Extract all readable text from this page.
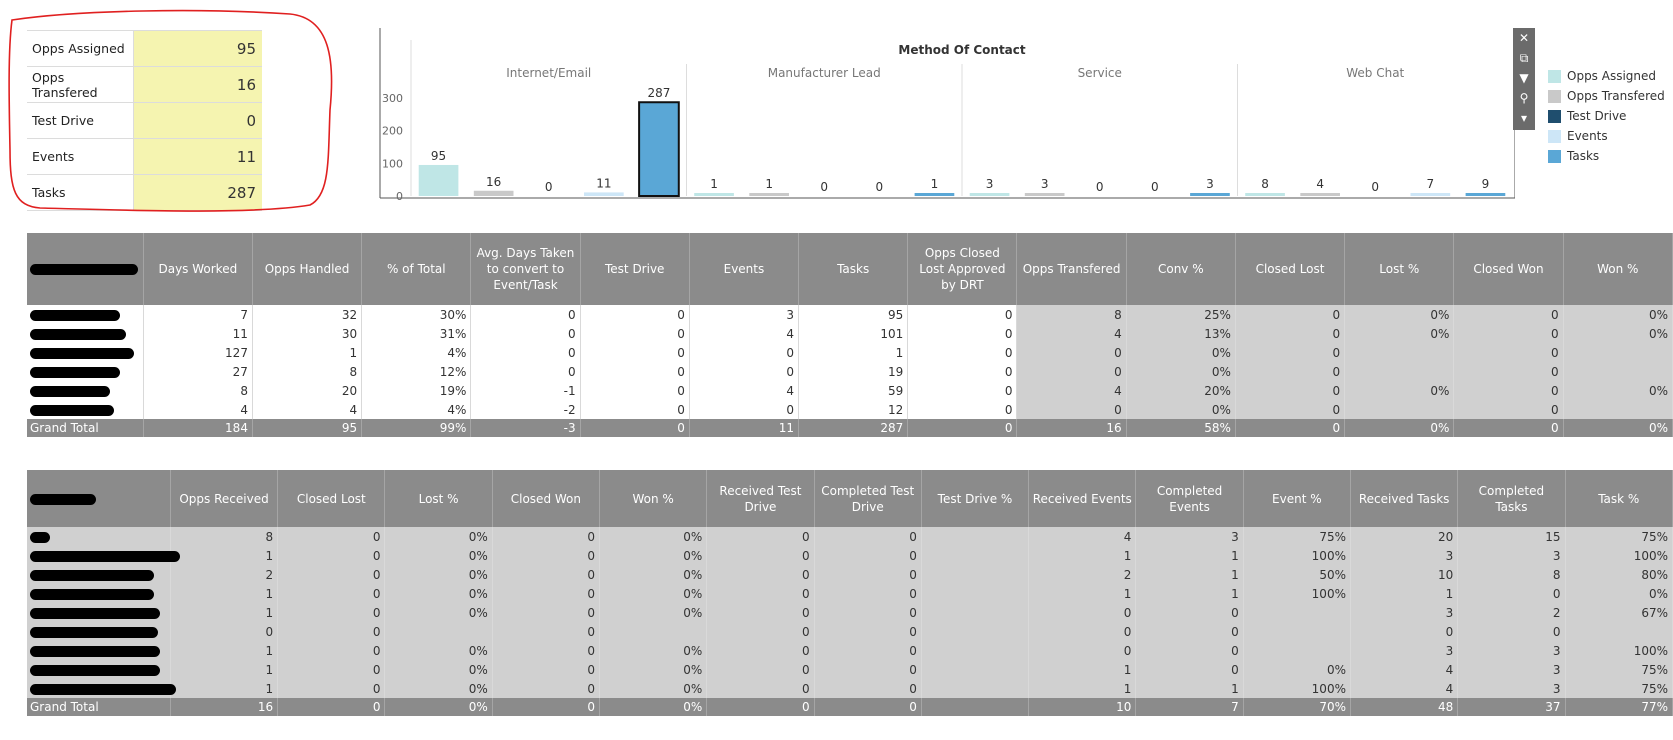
Opps Assigned	95
Opps Transfered	16
Test Drive	0
Events	11
Tasks	287
Method Of Contact
0
100
200
300
Internet/Email
95
16	0	11
287
Manufacturer Lead
1	1	0	0	1
Service
3	3	0	0	3
Web Chat
8	4	0	7	9
✕
⧉
▼
⚲
▾
Opps Assigned
Opps Transfered
Test Drive
Events
Tasks
	Days Worked	Opps Handled	% of Total	Avg. Days Taken to convert to Event/Task	Test Drive	Events	Tasks	Opps Closed Lost Approved by DRT	Opps Transfered	Conv %	Closed Lost	Lost %	Closed Won	Won %
	7	32	30%	0	0	3	95	0	8	25%	0	0%	0	0%
	11	30	31%	0	0	4	101	0	4	13%	0	0%	0	0%
	127	1	4%	0	0	0	1	0	0	0%	0		0	
	27	8	12%	0	0	0	19	0	0	0%	0		0	
	8	20	19%	-1	0	4	59	0	4	20%	0	0%	0	0%
	4	4	4%	-2	0	0	12	0	0	0%	0		0	
Grand Total	184	95	99%	-3	0	11	287	0	16	58%	0	0%	0	0%
	Opps Received	Closed Lost	Lost %	Closed Won	Won %	Received Test Drive	Completed Test Drive	Test Drive %	Received Events	Completed Events	Event %	Received Tasks	Completed Tasks	Task %
	8	0	0%	0	0%	0	0		4	3	75%	20	15	75%
	1	0	0%	0	0%	0	0		1	1	100%	3	3	100%
	2	0	0%	0	0%	0	0		2	1	50%	10	8	80%
	1	0	0%	0	0%	0	0		1	1	100%	1	0	0%
	1	0	0%	0	0%	0	0		0	0		3	2	67%
	0	0		0		0	0		0	0		0	0	
	1	0	0%	0	0%	0	0		0	0		3	3	100%
	1	0	0%	0	0%	0	0		1	0	0%	4	3	75%
	1	0	0%	0	0%	0	0		1	1	100%	4	3	75%
Grand Total	16	0	0%	0	0%	0	0		10	7	70%	48	37	77%
